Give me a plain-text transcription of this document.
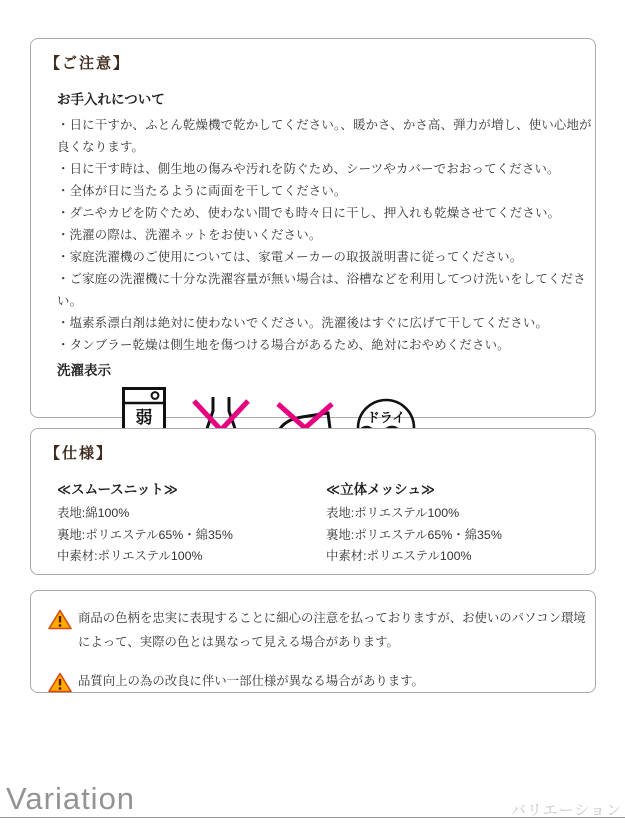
【ご注意】
お手入れについて
・日に干すか、ふとん乾燥機で乾かしてください。、暖かさ、かさ高、弾力が増し、使い心地が良くなります。
・日に干す時は、側生地の傷みや汚れを防ぐため、シーツやカバーでおおってください。
・全体が日に当たるように両面を干してください。
・ダニやカビを防ぐため、使わない間でも時々日に干し、押入れも乾燥させてください。
・洗濯の際は、洗濯ネットをお使いください。
・家庭洗濯機のご使用については、家電メーカーの取扱説明書に従ってください。
・ご家庭の洗濯機に十分な洗濯容量が無い場合は、浴槽などを利用してつけ洗いをしてください。
・塩素系漂白剤は絶対に使わないでください。洗濯後はすぐに広げて干してください。
・タンブラー乾燥は側生地を傷つける場合があるため、絶対におやめください。
洗濯表示
弱	ドライ
【仕様】
≪スムースニット≫
表地:綿100%
裏地:ポリエステル65%・綿35%
中素材:ポリエステル100%
≪立体メッシュ≫
表地:ポリエステル100%
裏地:ポリエステル65%・綿35%
中素材:ポリエステル100%

商品の色柄を忠実に表現することに細心の注意を払っておりますが、お使いのパソコン環境によって、実際の色とは異なって見える場合があります。

品質向上の為の改良に伴い一部仕様が異なる場合があります。

Variation	バリエーション
